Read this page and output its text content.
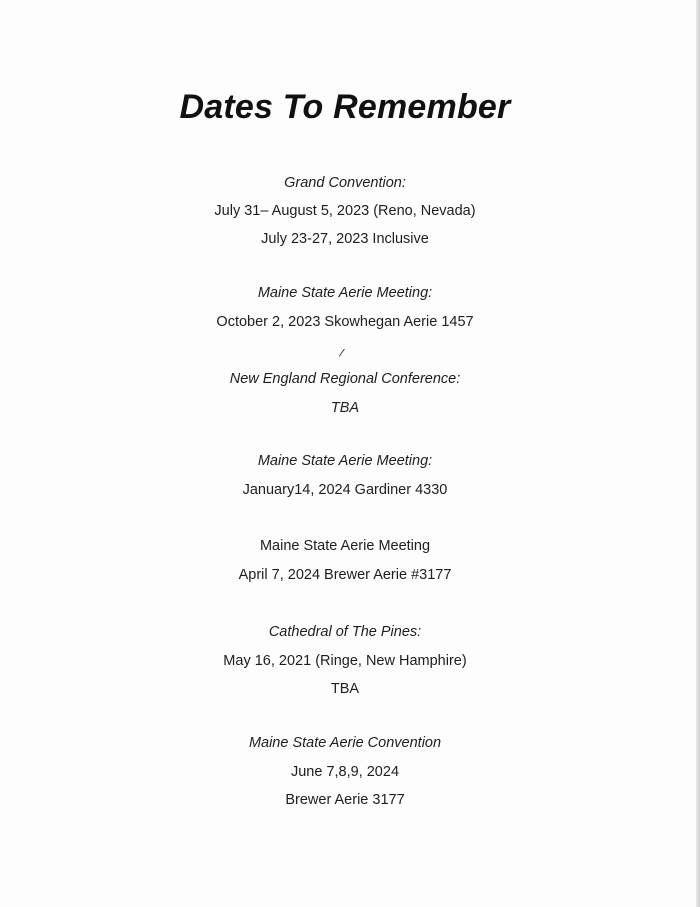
Dates To Remember
Grand Convention:
July 31– August 5, 2023 (Reno, Nevada)
July 23-27, 2023 Inclusive
Maine State Aerie Meeting:
October 2, 2023 Skowhegan Aerie 1457
/
New England Regional Conference:
TBA
Maine State Aerie Meeting:
January14, 2024 Gardiner 4330
Maine State Aerie Meeting
April 7, 2024 Brewer Aerie #3177
Cathedral of The Pines:
May 16, 2021 (Ringe, New Hamphire)
TBA
Maine State Aerie Convention
June 7,8,9, 2024
Brewer Aerie 3177
